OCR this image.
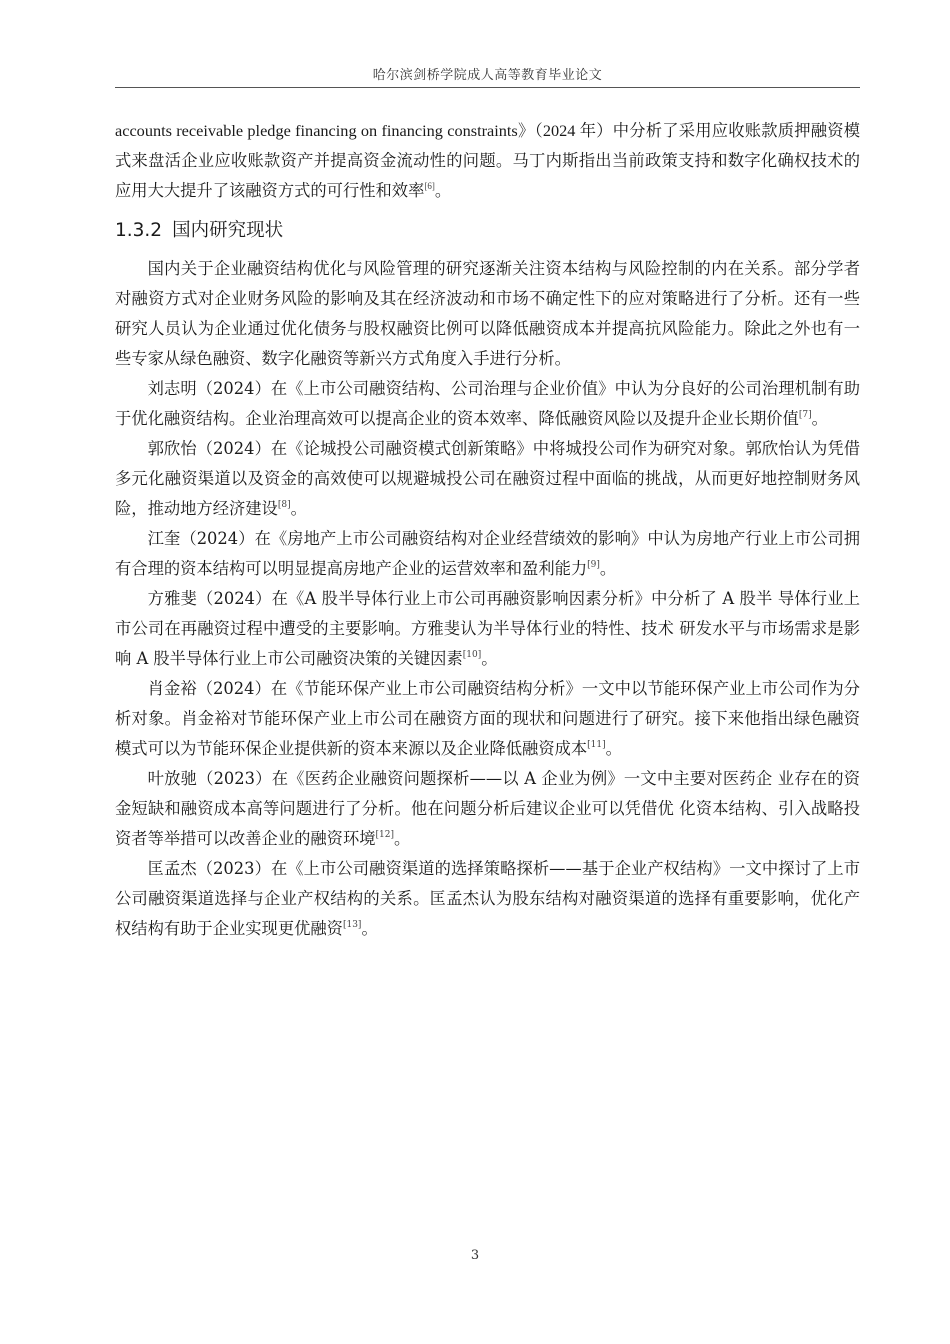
哈尔滨剑桥学院成人高等教育毕业论文

accounts receivable pledge financing on financing constraints》（2024 年）中分析了采用应收账款质押融资模式来盘活企业应收账款资产并提高资金流动性的问题。马丁内斯指出当前政策支持和数字化确权技术的应用大大提升了该融资方式的可行性和效率[6]。

1.3.2 国内研究现状

国内关于企业融资结构优化与风险管理的研究逐渐关注资本结构与风险控制的内在关系。部分学者对融资方式对企业财务风险的影响及其在经济波动和市场不确定性下的应对策略进行了分析。还有一些研究人员认为企业通过优化债务与股权融资比例可以降低融资成本并提高抗风险能力。除此之外也有一些专家从绿色融资、数字化融资等新兴方式角度入手进行分析。

刘志明（2024）在《上市公司融资结构、公司治理与企业价值》中认为分良好的公司治理机制有助于优化融资结构。企业治理高效可以提高企业的资本效率、降低融资风险以及提升企业长期价值[7]。

郭欣怡（2024）在《论城投公司融资模式创新策略》中将城投公司作为研究对象。郭欣怡认为凭借多元化融资渠道以及资金的高效使可以规避城投公司在融资过程中面临的挑战，从而更好地控制财务风险，推动地方经济建设[8]。

江奎（2024）在《房地产上市公司融资结构对企业经营绩效的影响》中认为房地产行业上市公司拥有合理的资本结构可以明显提高房地产企业的运营效率和盈利能力[9]。

方雅斐（2024）在《A 股半导体行业上市公司再融资影响因素分析》中分析了 A 股半 导体行业上市公司在再融资过程中遭受的主要影响。方雅斐认为半导体行业的特性、技术 研发水平与市场需求是影响 A 股半导体行业上市公司融资决策的关键因素[10]。

肖金裕（2024）在《节能环保产业上市公司融资结构分析》一文中以节能环保产业上市公司作为分析对象。肖金裕对节能环保产业上市公司在融资方面的现状和问题进行了研究。接下来他指出绿色融资模式可以为节能环保企业提供新的资本来源以及企业降低融资成本[11]。

叶放驰（2023）在《医药企业融资问题探析——以 A 企业为例》一文中主要对医药企 业存在的资金短缺和融资成本高等问题进行了分析。他在问题分析后建议企业可以凭借优 化资本结构、引入战略投资者等举措可以改善企业的融资环境[12]。

匡孟杰（2023）在《上市公司融资渠道的选择策略探析——基于企业产权结构》一文中探讨了上市公司融资渠道选择与企业产权结构的关系。匡孟杰认为股东结构对融资渠道的选择有重要影响，优化产权结构有助于企业实现更优融资[13]。

3
